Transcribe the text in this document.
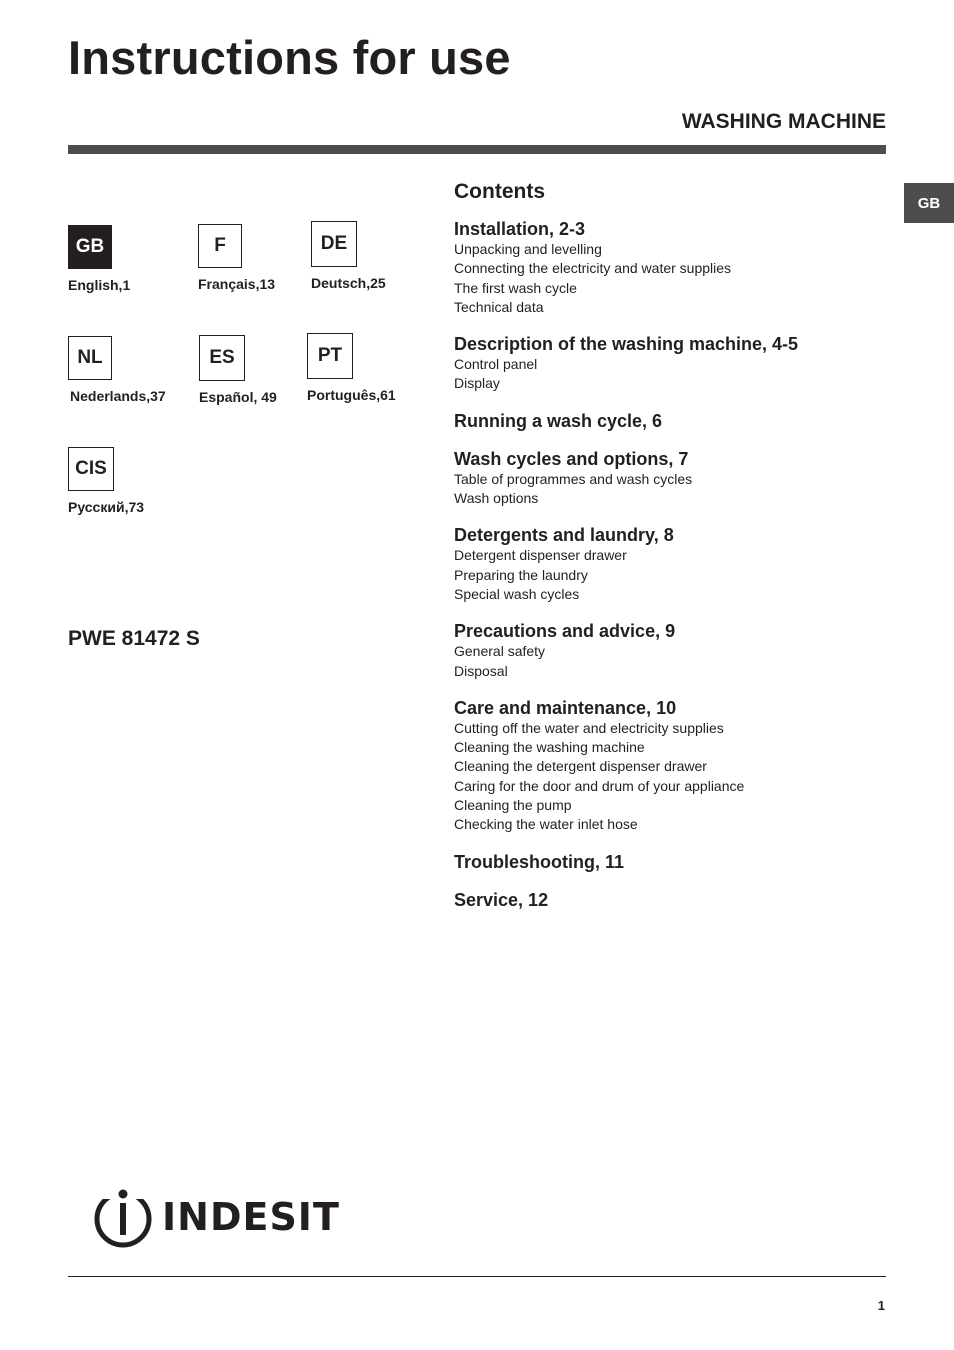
Instructions for use
WASHING MACHINE
GB
GB
English,1
F
Français,13
DE
Deutsch,25
NL
Nederlands,37
ES
Español, 49
PT
Português,61
CIS
Русский,73
PWE 81472 S
Contents
Installation, 2-3
Unpacking and levelling
Connecting the electricity and water supplies
The first wash cycle
Technical data
Description of the washing machine, 4-5
Control panel
Display
Running a wash cycle, 6
Wash cycles and options, 7
Table of programmes and wash cycles
Wash options
Detergents and laundry, 8
Detergent dispenser drawer
Preparing the laundry
Special wash cycles
Precautions and advice, 9
General safety
Disposal
Care and maintenance, 10
Cutting off the water and electricity supplies
Cleaning the washing machine
Cleaning the detergent dispenser drawer
Caring for the door and drum of your appliance
Cleaning the pump
Checking the water inlet hose
Troubleshooting, 11
Service, 12
INDESIT
1
